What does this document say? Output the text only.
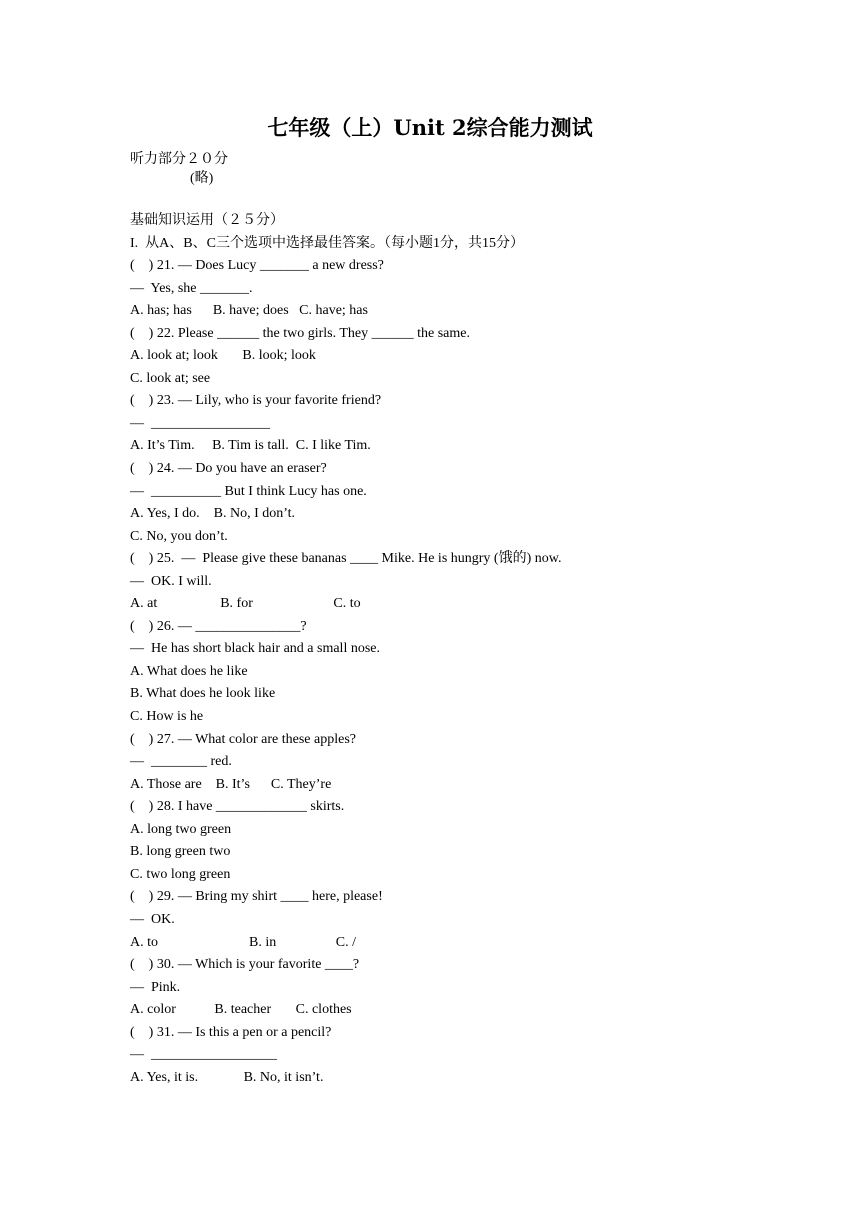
七年级（上）Unit 2综合能力测试
听力部分２０分
(略)
基础知识运用（２５分）
I.  从A、B、C三个选项中选择最佳答案。（每小题1分，共15分）
(    ) 21. — Does Lucy _______ a new dress?
—  Yes, she _______.
A. has; has      B. have; does   C. have; has
(    ) 22. Please ______ the two girls. They ______ the same.
A. look at; look       B. look; look
C. look at; see
(    ) 23. — Lily, who is your favorite friend?
—  _________________
A. It’s Tim.     B. Tim is tall.  C. I like Tim.
(    ) 24. — Do you have an eraser?
—  __________ But I think Lucy has one.
A. Yes, I do.    B. No, I don’t.
C. No, you don’t.
(    ) 25.  —  Please give these bananas ____ Mike. He is hungry (饿的) now.
—  OK. I will.
A. at                  B. for                       C. to
(    ) 26. — _______________?
—  He has short black hair and a small nose.
A. What does he like
B. What does he look like
C. How is he
(    ) 27. — What color are these apples?
—  ________ red.
A. Those are    B. It’s      C. They’re
(    ) 28. I have _____________ skirts.
A. long two green
B. long green two
C. two long green
(    ) 29. — Bring my shirt ____ here, please!
—  OK.
A. to                          B. in                 C. /
(    ) 30. — Which is your favorite ____?
—  Pink.
A. color           B. teacher       C. clothes
(    ) 31. — Is this a pen or a pencil?
—  __________________
A. Yes, it is.             B. No, it isn’t.
